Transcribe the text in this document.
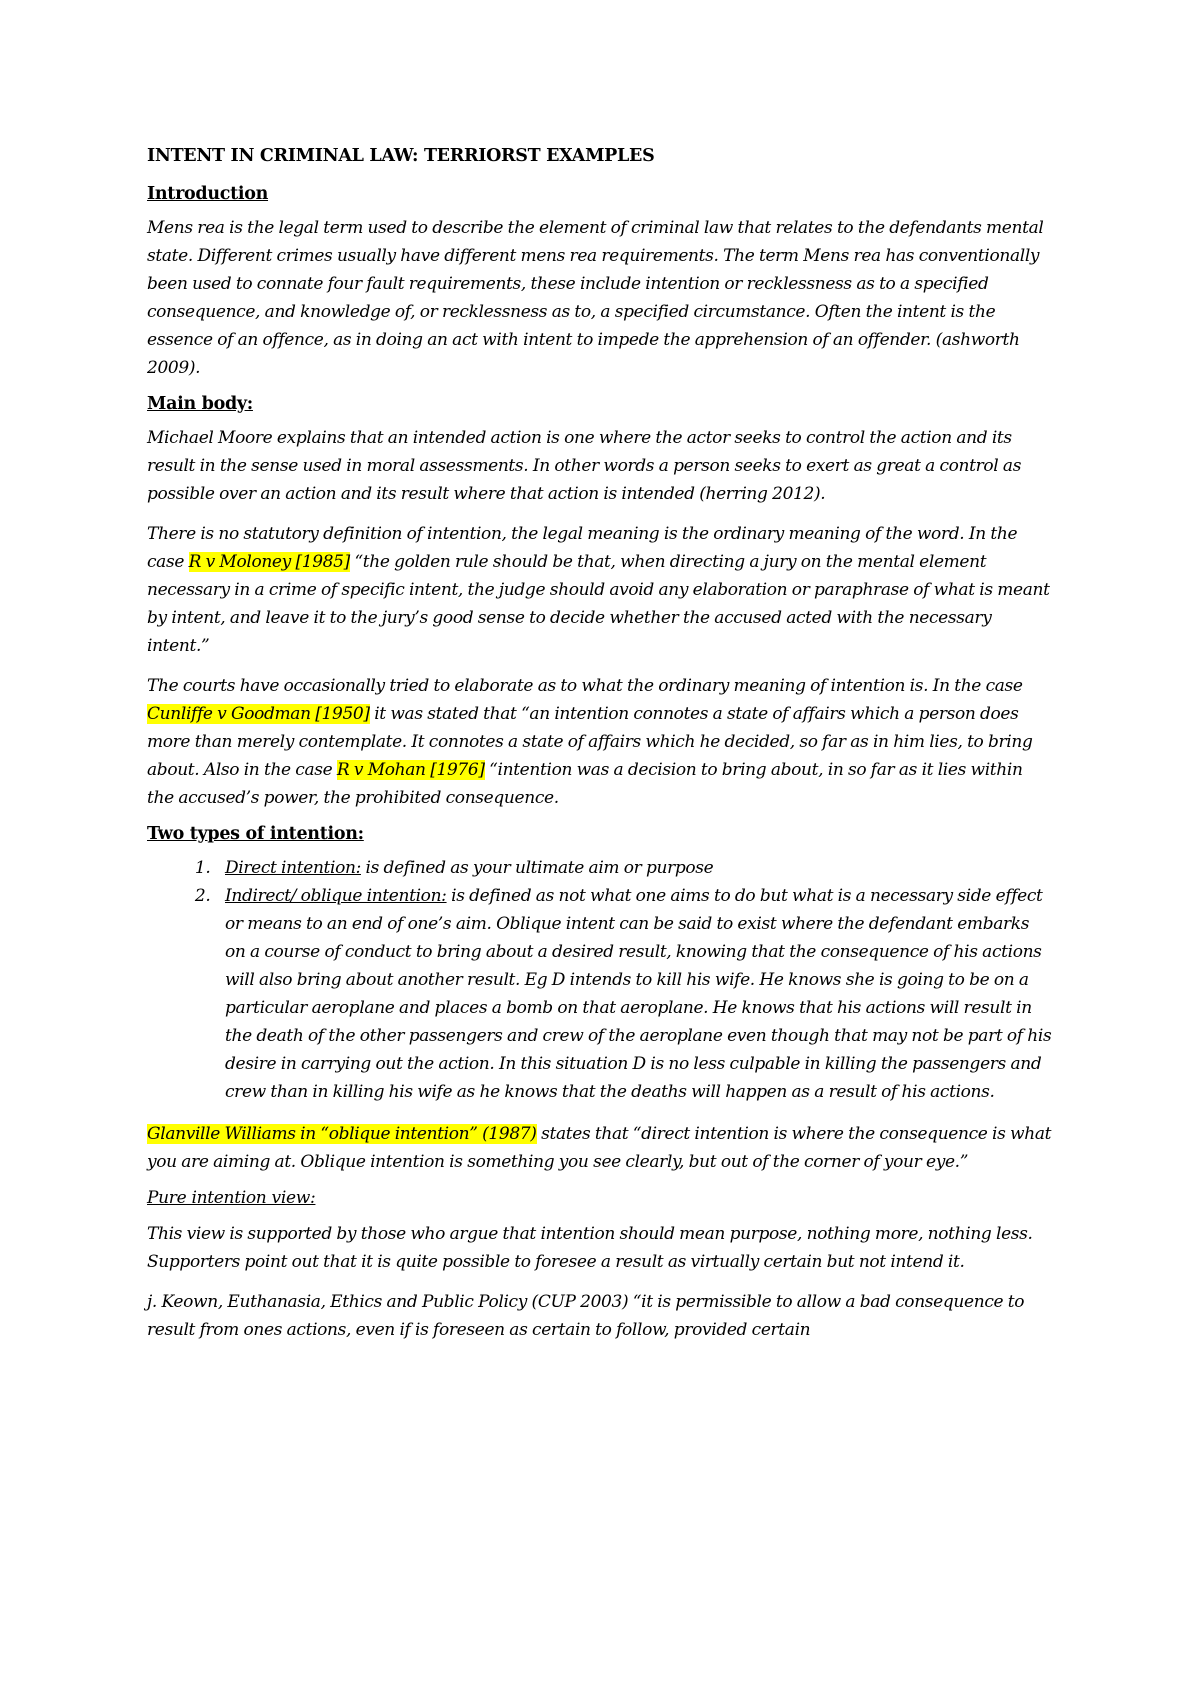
INTENT IN CRIMINAL LAW: TERRIORST EXAMPLES
Introduction

Mens rea is the legal term used to describe the element of criminal law that relates to the defendants mental state. Different crimes usually have different mens rea requirements. The term Mens rea has conventionally been used to connate four fault requirements, these include intention or recklessness as to a specified consequence, and knowledge of, or recklessness as to, a specified circumstance. Often the intent is the essence of an offence, as in doing an act with intent to impede the apprehension of an offender. (ashworth 2009).

Main body:

Michael Moore explains that an intended action is one where the actor seeks to control the action and its result in the sense used in moral assessments. In other words a person seeks to exert as great a control as possible over an action and its result where that action is intended (herring 2012).

There is no statutory definition of intention, the legal meaning is the ordinary meaning of the word. In the case R v Moloney [1985] “the golden rule should be that, when directing a jury on the mental element necessary in a crime of specific intent, the judge should avoid any elaboration or paraphrase of what is meant by intent, and leave it to the jury’s good sense to decide whether the accused acted with the necessary intent.”

The courts have occasionally tried to elaborate as to what the ordinary meaning of intention is. In the case Cunliffe v Goodman [1950] it was stated that “an intention connotes a state of affairs which a person does more than merely contemplate. It connotes a state of affairs which he decided, so far as in him lies, to bring about. Also in the case R v Mohan [1976] “intention was a decision to bring about, in so far as it lies within the accused’s power, the prohibited consequence.

Two types of intention:
1. Direct intention: is defined as your ultimate aim or purpose
2. Indirect/ oblique intention: is defined as not what one aims to do but what is a necessary side effect or means to an end of one’s aim. Oblique intent can be said to exist where the defendant embarks on a course of conduct to bring about a desired result, knowing that the consequence of his actions will also bring about another result. Eg D intends to kill his wife. He knows she is going to be on a particular aeroplane and places a bomb on that aeroplane. He knows that his actions will result in the death of the other passengers and crew of the aeroplane even though that may not be part of his desire in carrying out the action. In this situation D is no less culpable in killing the passengers and crew than in killing his wife as he knows that the deaths will happen as a result of his actions.

Glanville Williams in “oblique intention” (1987) states that “direct intention is where the consequence is what you are aiming at. Oblique intention is something you see clearly, but out of the corner of your eye.”

Pure intention view:

This view is supported by those who argue that intention should mean purpose, nothing more, nothing less. Supporters point out that it is quite possible to foresee a result as virtually certain but not intend it.

j. Keown, Euthanasia, Ethics and Public Policy (CUP 2003) “it is permissible to allow a bad consequence to result from ones actions, even if is foreseen as certain to follow, provided certain
